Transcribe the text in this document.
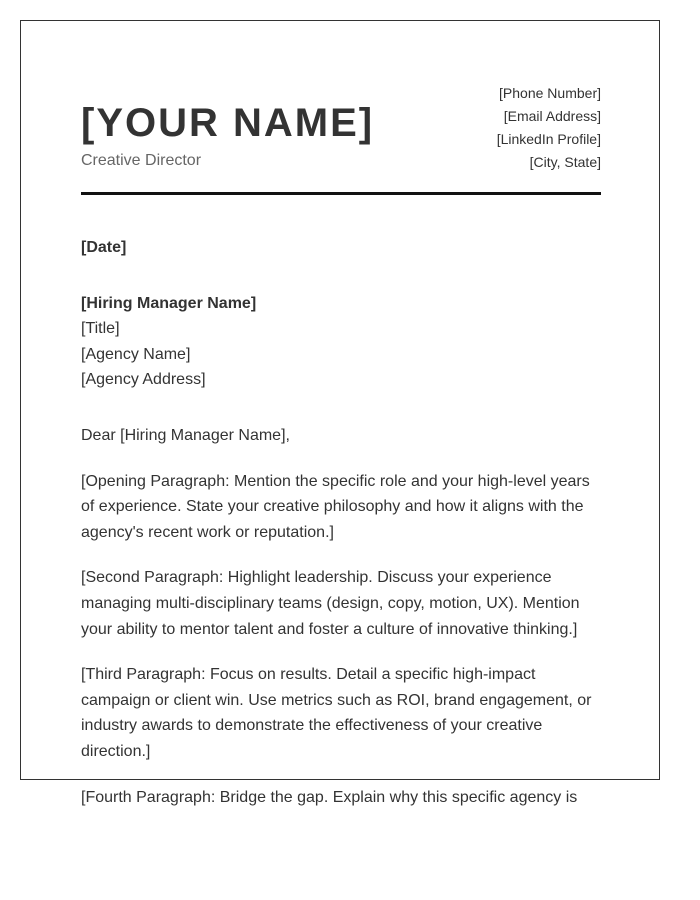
[YOUR NAME]
Creative Director
[Phone Number]
[Email Address]
[LinkedIn Profile]
[City, State]
[Date]
[Hiring Manager Name]
[Title]
[Agency Name]
[Agency Address]
Dear [Hiring Manager Name],

[Opening Paragraph: Mention the specific role and your high-level years of experience. State your creative philosophy and how it aligns with the agency's recent work or reputation.]

[Second Paragraph: Highlight leadership. Discuss your experience managing multi-disciplinary teams (design, copy, motion, UX). Mention your ability to mentor talent and foster a culture of innovative thinking.]

[Third Paragraph: Focus on results. Detail a specific high-impact campaign or client win. Use metrics such as ROI, brand engagement, or industry awards to demonstrate the effectiveness of your creative direction.]

[Fourth Paragraph: Bridge the gap. Explain why this specific agency is
